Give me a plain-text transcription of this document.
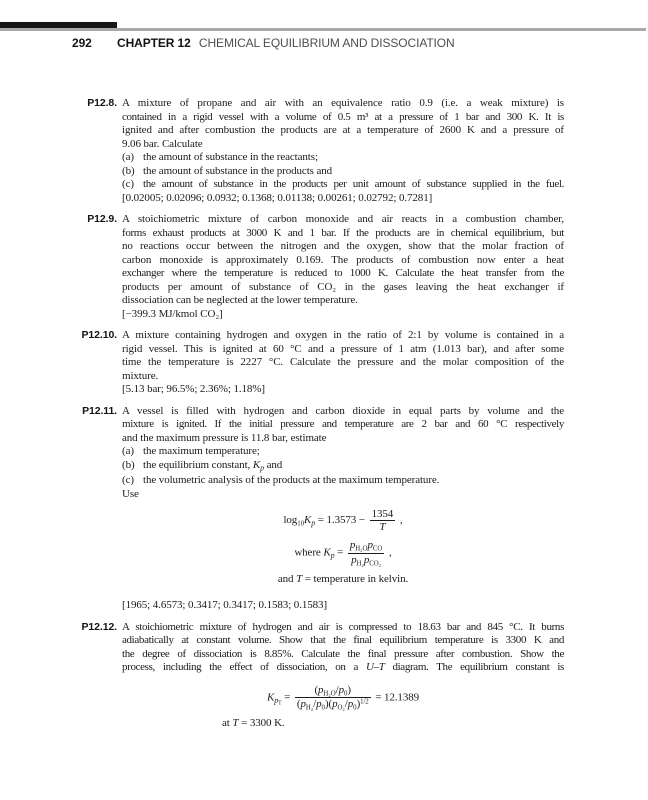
292 CHAPTER 12 CHEMICAL EQUILIBRIUM AND DISSOCIATION
P12.8. A mixture of propane and air with an equivalence ratio 0.9 (i.e. a weak mixture) is
contained in a rigid vessel with a volume of 0.5 m³ at a pressure of 1 bar and 300 K. It is
ignited and after combustion the products are at a temperature of 2600 K and a pressure of
9.06 bar. Calculate
(a) the amount of substance in the reactants;
(b) the amount of substance in the products and
(c) the amount of substance in the products per unit amount of substance supplied in the fuel.
[0.02005; 0.02096; 0.0932; 0.1368; 0.01138; 0.00261; 0.02792; 0.7281]
P12.9. A stoichiometric mixture of carbon monoxide and air reacts in a combustion chamber,
forms exhaust products at 3000 K and 1 bar. If the products are in chemical equilibrium, but
no reactions occur between the nitrogen and the oxygen, show that the molar fraction of
carbon monoxide is approximately 0.169. The products of combustion now enter a heat
exchanger where the temperature is reduced to 1000 K. Calculate the heat transfer from the
products per amount of substance of CO₂ in the gases leaving the heat exchanger if
dissociation can be neglected at the lower temperature.
[−399.3 MJ/kmol CO₂]
P12.10. A mixture containing hydrogen and oxygen in the ratio of 2:1 by volume is contained in a
rigid vessel. This is ignited at 60 °C and a pressure of 1 atm (1.013 bar), and after some
time the temperature is 2227 °C. Calculate the pressure and the molar composition of the
mixture.
[5.13 bar; 96.5%; 2.36%; 1.18%]
P12.11. A vessel is filled with hydrogen and carbon dioxide in equal parts by volume and the
mixture is ignited. If the initial pressure and temperature are 2 bar and 60 °C respectively
and the maximum pressure is 11.8 bar, estimate
(a) the maximum temperature;
(b) the equilibrium constant, $K_p$ and
(c) the volumetric analysis of the products at the maximum temperature.
Use
$\log_{10}K_p = 1.3573 - \frac{1354}{T}$ ,
where $K_p = \frac{p_{H_2O}p_{CO}}{p_{H_2}p_{CO_2}}$ ,
and T = temperature in kelvin.
[1965; 4.6573; 0.3417; 0.3417; 0.1583; 0.1583]
P12.12. A stoichiometric mixture of hydrogen and air is compressed to 18.63 bar and 845 °C. It burns
adiabatically at constant volume. Show that the final equilibrium temperature is 3300 K and
the degree of dissociation is 8.85%. Calculate the final pressure after combustion. Show the
process, including the effect of dissociation, on a U–T diagram. The equilibrium constant is
$K_{pT} = \frac{(p_{H_2O}/p_0)}{(p_{H_2}/p_0)(p_{O_2}/p_0)^{1/2}} = 12.1389$
at T = 3300 K.
